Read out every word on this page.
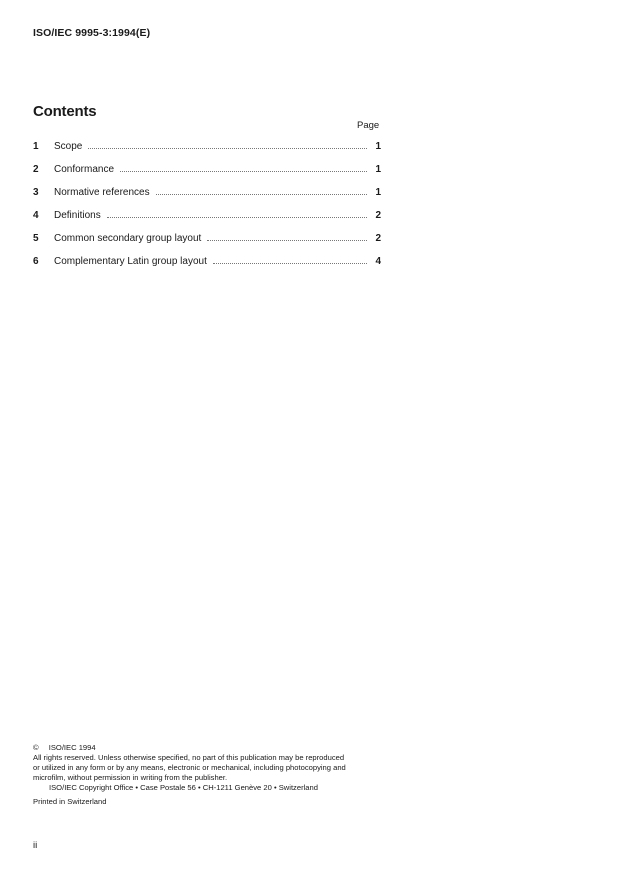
ISO/IEC 9995-3:1994(E)
Contents
Page
1	Scope	1
2	Conformance	1
3	Normative references	1
4	Definitions	2
5	Common secondary group layout	2
6	Complementary Latin group layout	4

© ISO/IEC 1994

All rights reserved. Unless otherwise specified, no part of this publication may be reproduced

or utilized in any form or by any means, electronic or mechanical, including photocopying and

microfilm, without permission in writing from the publisher.

ISO/IEC Copyright Office • Case Postale 56 • CH-1211 Genève 20 • Switzerland

Printed in Switzerland

ii
